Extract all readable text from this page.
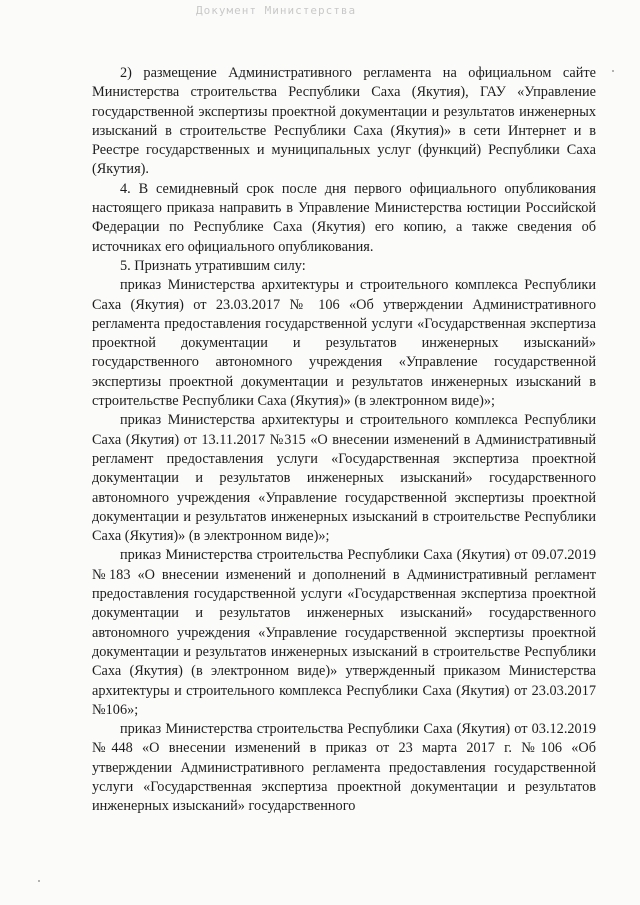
Документ Министерства

2) размещение Административного регламента на официальном сайте Министерства строительства Республики Саха (Якутия), ГАУ «Управление государственной экспертизы проектной документации и результатов инженерных изысканий в строительстве Республики Саха (Якутия)» в сети Интернет и в Реестре государственных и муниципальных услуг (функций) Республики Саха (Якутия).

4. В семидневный срок после дня первого официального опубликования настоящего приказа направить в Управление Министерства юстиции Российской Федерации по Республике Саха (Якутия) его копию, а также сведения об источниках его официального опубликования.

5. Признать утратившим силу:

приказ Министерства архитектуры и строительного комплекса Республики Саха (Якутия) от 23.03.2017 № 106 «Об утверждении Административного регламента предоставления государственной услуги «Государственная экспертиза проектной документации и результатов инженерных изысканий» государственного автономного учреждения «Управление государственной экспертизы проектной документации и результатов инженерных изысканий в строительстве Республики Саха (Якутия)» (в электронном виде)»;

приказ Министерства архитектуры и строительного комплекса Республики Саха (Якутия) от 13.11.2017 №315 «О внесении изменений в Административный регламент предоставления услуги «Государственная экспертиза проектной документации и результатов инженерных изысканий» государственного автономного учреждения «Управление государственной экспертизы проектной документации и результатов инженерных изысканий в строительстве Республики Саха (Якутия)» (в электронном виде)»;

приказ Министерства строительства Республики Саха (Якутия) от 09.07.2019 №183 «О внесении изменений и дополнений в Административный регламент предоставления государственной услуги «Государственная экспертиза проектной документации и результатов инженерных изысканий» государственного автономного учреждения «Управление государственной экспертизы проектной документации и результатов инженерных изысканий в строительстве Республики Саха (Якутия) (в электронном виде)» утвержденный приказом Министерства архитектуры и строительного комплекса Республики Саха (Якутия) от 23.03.2017 №106»;

приказ Министерства строительства Республики Саха (Якутия) от 03.12.2019 №448 «О внесении изменений в приказ от 23 марта 2017 г. №106 «Об утверждении Административного регламента предоставления государственной услуги «Государственная экспертиза проектной документации и результатов инженерных изысканий» государственного
